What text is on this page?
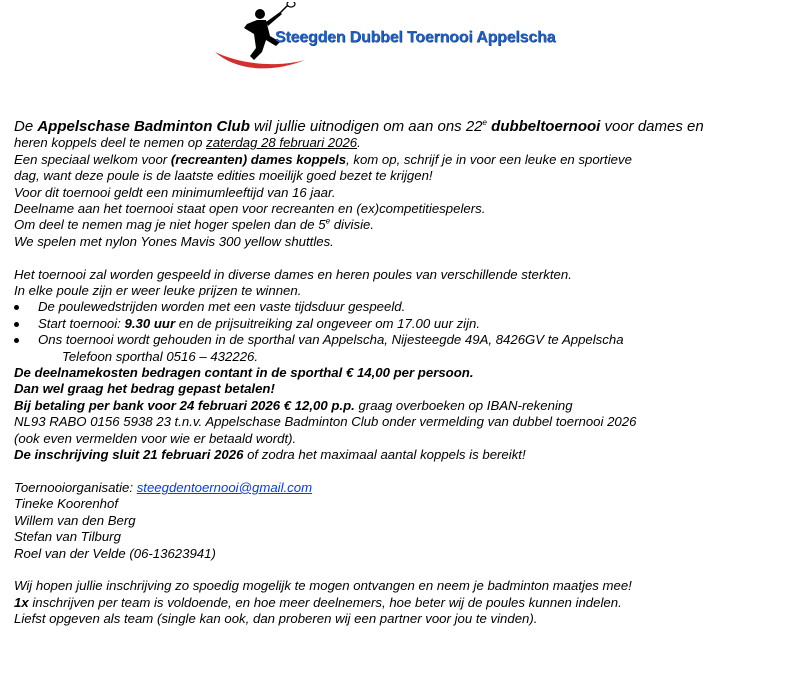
Steegden Dubbel Toernooi Appelscha

De Appelschase Badminton Club wil jullie uitnodigen om aan ons 22e dubbeltoernooi voor dames en

heren koppels deel te nemen op zaterdag 28 februari 2026.

Een speciaal welkom voor (recreanten) dames koppels, kom op, schrijf je in voor een leuke en sportieve

dag, want deze poule is de laatste edities moeilijk goed bezet te krijgen!

Voor dit toernooi geldt een minimumleeftijd van 16 jaar.

Deelname aan het toernooi staat open voor recreanten en (ex)competitiespelers.

Om deel te nemen mag je niet hoger spelen dan de 5e divisie.

We spelen met nylon Yones Mavis 300 yellow shuttles.

Het toernooi zal worden gespeeld in diverse dames en heren poules van verschillende sterkten.

In elke poule zijn er weer leuke prijzen te winnen.

De poulewedstrijden worden met een vaste tijdsduur gespeeld.

Start toernooi: 9.30 uur en de prijsuitreiking zal ongeveer om 17.00 uur zijn.

Ons toernooi wordt gehouden in de sporthal van Appelscha, Nijesteegde 49A, 8426GV te Appelscha

Telefoon sporthal 0516 – 432226.

De deelnamekosten bedragen contant in de sporthal € 14,00 per persoon.

Dan wel graag het bedrag gepast betalen!

Bij betaling per bank voor 24 februari 2026 € 12,00 p.p. graag overboeken op IBAN-rekening

NL93 RABO 0156 5938 23 t.n.v. Appelschase Badminton Club onder vermelding van dubbel toernooi 2026

(ook even vermelden voor wie er betaald wordt).

De inschrijving sluit 21 februari 2026 of zodra het maximaal aantal koppels is bereikt!

Toernooiorganisatie: steegdentoernooi@gmail.com

Tineke Koorenhof

Willem van den Berg

Stefan van Tilburg

Roel van der Velde (06-13623941)

Wij hopen jullie inschrijving zo spoedig mogelijk te mogen ontvangen en neem je badminton maatjes mee!

1x inschrijven per team is voldoende, en hoe meer deelnemers, hoe beter wij de poules kunnen indelen.

Liefst opgeven als team (single kan ook, dan proberen wij een partner voor jou te vinden).
